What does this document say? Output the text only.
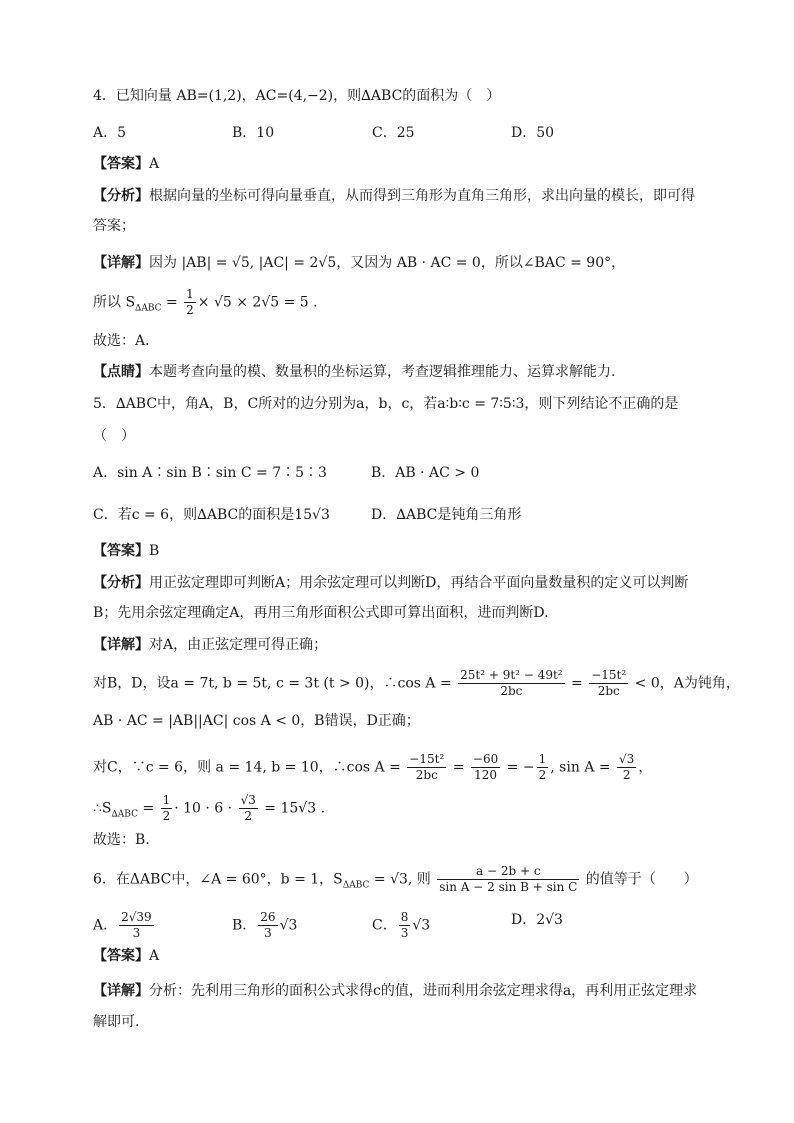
4．已知向量 AB=(1,2)，AC=(4,−2)，则∆ABC的面积为（　）
A．5	B．10	C．25	D．50
【答案】A
【分析】根据向量的坐标可得向量垂直，从而得到三角形为直角三角形，求出向量的模长，即可得
答案；
【详解】因为 |AB| = √5, |AC| = 2√5，又因为 AB · AC = 0，所以∠BAC = 90°，
所以 $S_{\Delta ABC} = \frac{1}{2} \times √5 \times 2√5 = 5$ .
故选：A．
【点睛】本题考查向量的模、数量积的坐标运算，考查逻辑推理能力、运算求解能力.
5．∆ABC中，角A，B，C所对的边分别为a，b，c，若a∶b∶c = 7∶5∶3，则下列结论不正确的是
（　）
A．sin A∶sin B∶sin C = 7∶5∶3	B．AB · AC > 0
C．若c = 6，则∆ABC的面积是15√3	D．∆ABC是钝角三角形
【答案】B
【分析】用正弦定理即可判断A；用余弦定理可以判断D，再结合平面向量数量积的定义可以判断
B；先用余弦定理确定A，再用三角形面积公式即可算出面积，进而判断D.
【详解】对A，由正弦定理可得正确；
对B，D，设a = 7t, b = 5t, c = 3t (t > 0)，∴cos $A = \frac{\text{25t² + 9t² − 49t²}}{2bc} = \frac{\text{−15t²}}{2bc} < 0$，A为钝角，
AB · AC = |AB||AC| cos A < 0，B错误，D正确；
对C，∵c = 6，则 a = 14, b = 10，∴cos $A = \frac{\text{−15t²}}{2bc} = \frac{-60}{120}$ = − $\frac{1}{2}$ , $\sin A = \frac{√3}{2}$ ，
$\therefore S_{\Delta ABC} = \frac{1}{2} \cdot 10 \cdot 6 \cdot \frac{√3}{2} = 15√3$ .
故选：B.
6．在ΔABC中，∠A = 60°，b = 1，$S_{\Delta ABC} = √3$, 则 $\frac{a - 2b + c}{\text{sin A − 2 sin B + sin C}}$ 的值等于（　　）
A． $\frac{2√39}{3}$	B． $\frac{26}{3} √3$	C． $\frac{8}{3} √3$	D．2√3
【答案】A
【详解】分析：先利用三角形的面积公式求得c的值，进而利用余弦定理求得a，再利用正弦定理求
解即可.
